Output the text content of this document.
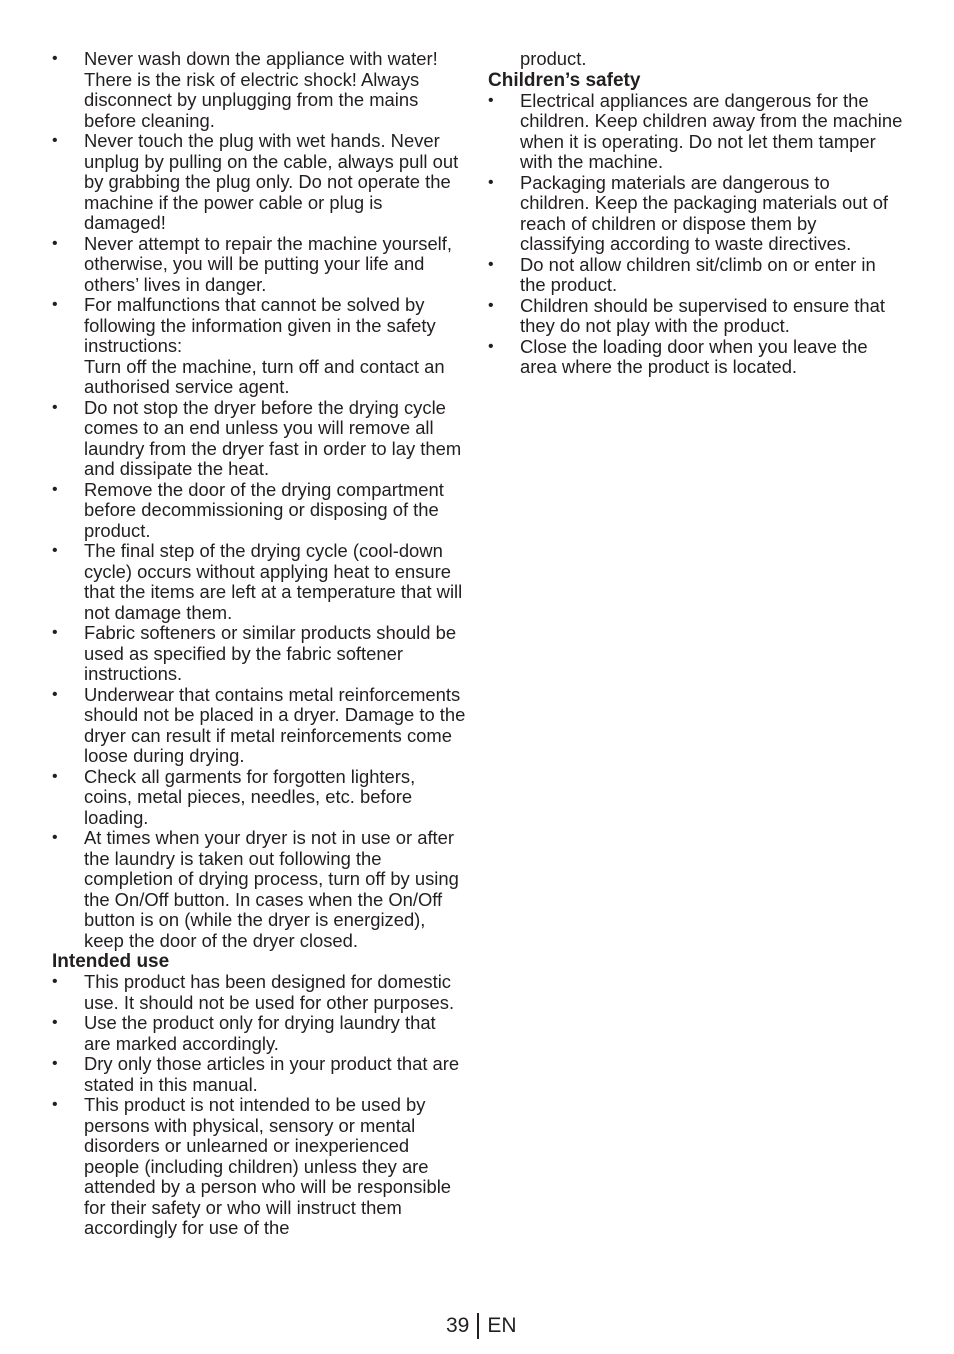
• Never wash down the appliance with water! There is the risk of electric shock! Always disconnect by unplugging from the mains before cleaning.
• Never touch the plug with wet hands. Never unplug by pulling on the cable, always pull out by grabbing the plug only. Do not operate the machine if the power cable or plug is damaged!
• Never attempt to repair the machine yourself, otherwise, you will be putting your life and others’ lives in danger.
• For malfunctions that cannot be solved by following the information given in the safety instructions:
Turn off the machine, turn off and contact an authorised service agent.
• Do not stop the dryer before the drying cycle comes to an end unless you will remove all laundry from the dryer fast in order to lay them and dissipate the heat.
• Remove the door of the drying compartment before decommissioning or disposing of the product.
• The final step of the drying cycle (cool-down cycle) occurs without applying heat to ensure that the items are left at a temperature that will not damage them.
• Fabric softeners or similar products should be used as specified by the fabric softener instructions.
• Underwear that contains metal reinforcements should not be placed in a dryer. Damage to the dryer can result if metal reinforcements come loose during drying.
• Check all garments for forgotten lighters, coins, metal pieces, needles, etc. before loading.
• At times when your dryer is not in use or after the laundry is taken out following the completion of drying process, turn off by using the On/Off button. In cases when the On/Off button is on (while the dryer is energized), keep the door of the dryer closed.
Intended use
• This product has been designed for domestic use. It should not be used for other purposes.
• Use the product only for drying laundry that are marked accordingly.
• Dry only those articles in your product that are stated in this manual.
• This product is not intended to be used by persons with physical, sensory or mental disorders or unlearned or inexperienced people (including children) unless they are attended by a person who will be responsible for their safety or who will instruct them accordingly for use of the
product.
Children’s safety
• Electrical appliances are dangerous for the children. Keep children away from the machine when it is operating. Do not let them tamper with the machine.
• Packaging materials are dangerous to children. Keep the packaging materials out of reach of children or dispose them by classifying according to waste directives.
• Do not allow children sit/climb on or enter in the product.
• Children should be supervised to ensure that they do not play with the product.
• Close the loading door when you leave the area where the product is located.
39 EN
